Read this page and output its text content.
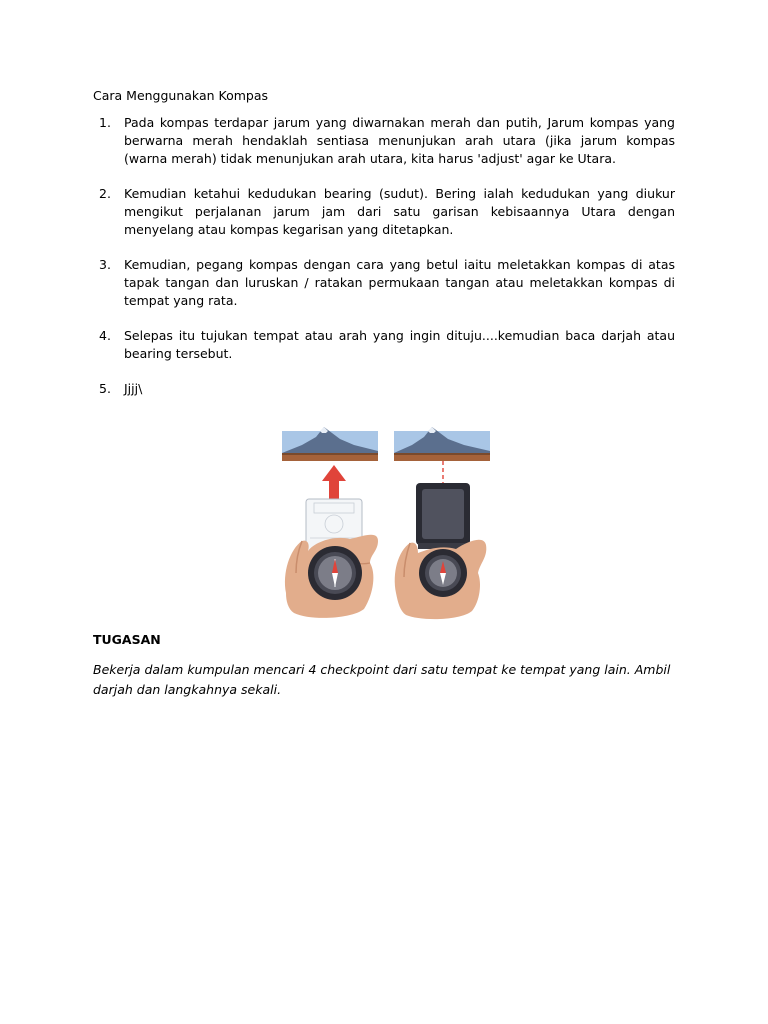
Cara Menggunakan Kompas
1. Pada kompas terdapar jarum yang diwarnakan merah dan putih, Jarum kompas yang berwarna merah hendaklah sentiasa menunjukan arah utara (jika jarum kompas (warna merah) tidak menunjukan arah utara, kita harus 'adjust' agar ke Utara.
2. Kemudian ketahui kedudukan bearing (sudut). Bering ialah kedudukan yang diukur mengikut perjalanan jarum jam dari satu garisan kebisaannya Utara dengan menyelang atau kompas kegarisan yang ditetapkan.
3. Kemudian, pegang kompas dengan cara yang betul iaitu meletakkan kompas di atas tapak tangan dan luruskan / ratakan permukaan tangan atau meletakkan kompas di tempat yang rata.
4. Selepas itu tujukan tempat atau arah yang ingin dituju....kemudian baca darjah atau bearing tersebut.
5. Jjjj\
TUGASAN
Bekerja dalam kumpulan mencari 4 checkpoint dari satu tempat ke tempat yang lain. Ambil darjah dan langkahnya sekali.
